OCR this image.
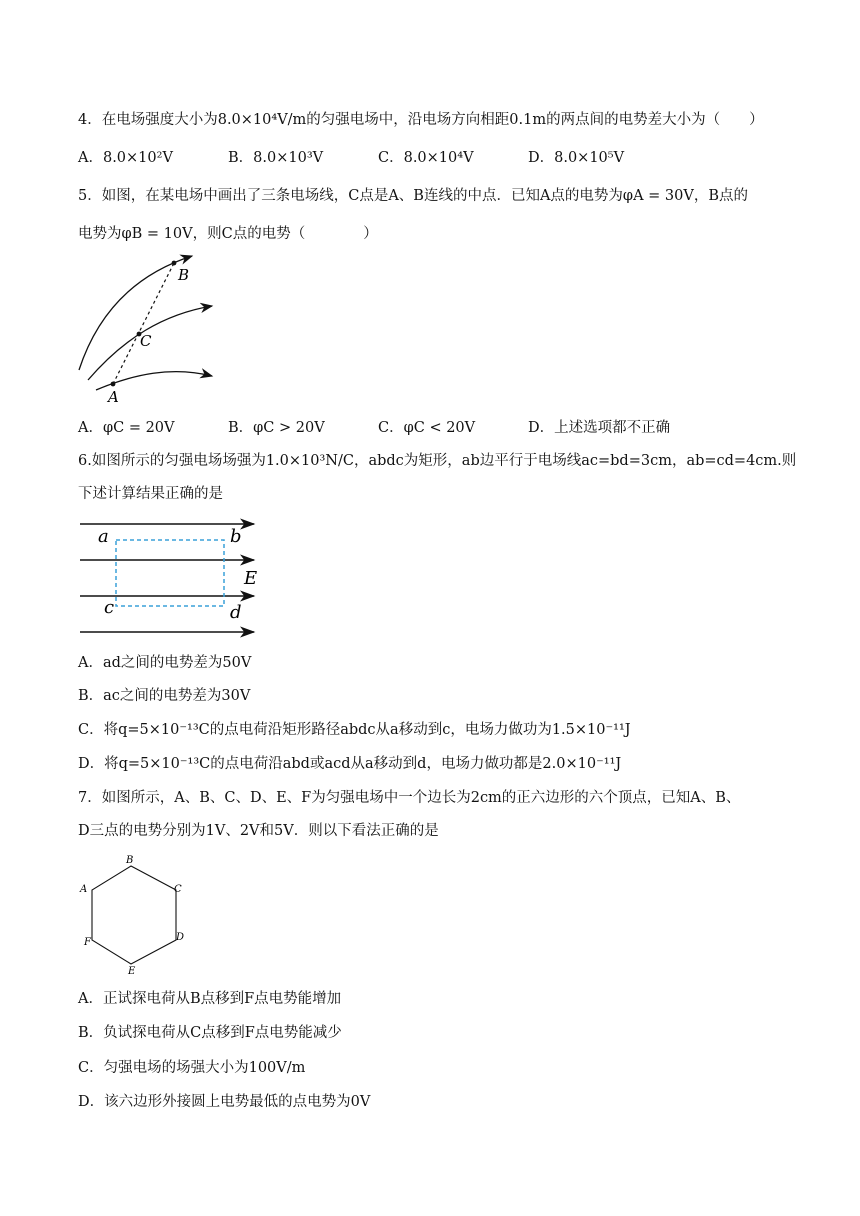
4．在电场强度大小为8.0×10⁴V/m的匀强电场中，沿电场方向相距0.1m的两点间的电势差大小为（　　）
A．8.0×10²V	B．8.0×10³V	C．8.0×10⁴V	D．8.0×10⁵V
5．如图，在某电场中画出了三条电场线，C点是A、B连线的中点．已知A点的电势为φA = 30V，B点的
电势为φB = 10V，则C点的电势（　　　　）
B
C
A
A．φC = 20V	B．φC > 20V	C．φC < 20V	D．上述选项都不正确
6.如图所示的匀强电场场强为1.0×10³N/C，abdc为矩形，ab边平行于电场线ac=bd=3cm，ab=cd=4cm.则
下述计算结果正确的是
a	b
E
c	d
A．ad之间的电势差为50V
B．ac之间的电势差为30V
C．将q=5×10⁻¹³C的点电荷沿矩形路径abdc从a移动到c，电场力做功为1.5×10⁻¹¹J
D．将q=5×10⁻¹³C的点电荷沿abd或acd从a移动到d，电场力做功都是2.0×10⁻¹¹J
7．如图所示，A、B、C、D、E、F为匀强电场中一个边长为2cm的正六边形的六个顶点，已知A、B、
D三点的电势分别为1V、2V和5V．则以下看法正确的是
B
A	C
D
F
E
A．正试探电荷从B点移到F点电势能增加
B．负试探电荷从C点移到F点电势能减少
C．匀强电场的场强大小为100V/m
D．该六边形外接圆上电势最低的点电势为0V
